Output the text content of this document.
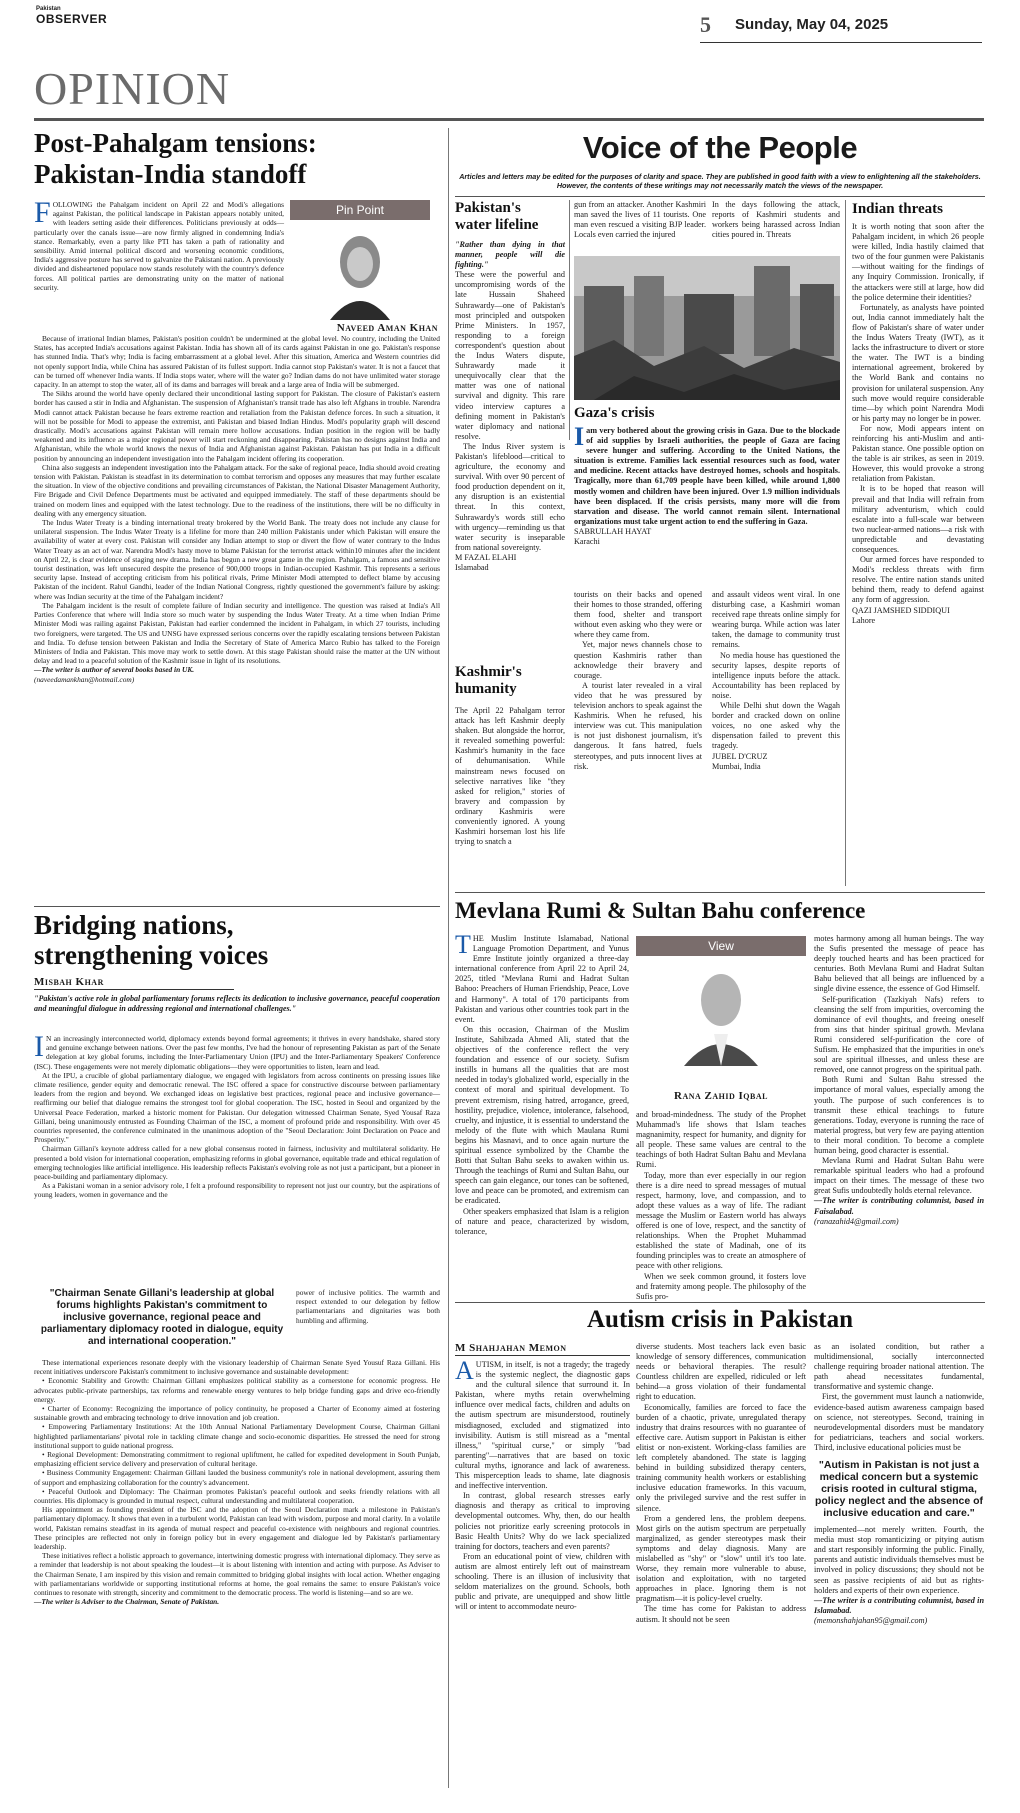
Pakistan
OBSERVER	5	Sunday, May 04, 2025
OPINION
Post-Pahalgam tensions:
Pakistan-India standoff
Pin Point
Naveed Aman Khan
F OLLOWING the Pahalgam incident on April 22 and Modi's allegations against Pakistan, the political landscape in Pakistan appears notably united, with leaders setting aside their differences. Politicians previously at odds—particularly over the canals issue—are now firmly aligned in condemning India's stance. Remarkably, even a party like PTI has taken a path of rationality and sensibility. Amid internal political discord and worsening economic conditions, India's aggressive posture has served to galvanize the Pakistani nation. A previously divided and disheartened populace now stands resolutely with the country's defence forces. All political parties are demonstrating unity on the matter of national security.

Because of irrational Indian blames, Pakistan's position couldn't be undermined at the global level. No country, including the United States, has accepted India's accusations against Pakistan. India has shown all of its cards against Pakistan in one go. Pakistan's response has stunned India. That's why; India is facing embarrassment at a global level. After this situation, America and Western countries did not openly support India, while China has assured Pakistan of its fullest support. India cannot stop Pakistan's water. It is not a faucet that can be turned off whenever India wants. If India stops water, where will the water go? Indian dams do not have unlimited water storage capacity. In an attempt to stop the water, all of its dams and barrages will break and a large area of India will be submerged.

The Sikhs around the world have openly declared their unconditional lasting support for Pakistan. The closure of Pakistan's eastern border has caused a stir in India and Afghanistan. The suspension of Afghanistan's transit trade has also left Afghans in trouble. Narendra Modi cannot attack Pakistan because he fears extreme reaction and retaliation from the Pakistan defence forces. In such a situation, it will not be possible for Modi to appease the extremist, anti Pakistan and biased Indian Hindus. Modi's popularity graph will descend drastically. Modi's accusations against Pakistan will remain mere hollow accusations. Indian position in the region will be badly weakened and its influence as a major regional power will start reckoning and disappearing. Pakistan has no designs against India and Afghanistan, while the whole world knows the nexus of India and Afghanistan against Pakistan. Pakistan has put India in a difficult position by announcing an independent investigation into the Pahalgam incident offering its cooperation.

China also suggests an independent investigation into the Pahalgam attack. For the sake of regional peace, India should avoid creating tension with Pakistan. Pakistan is steadfast in its determination to combat terrorism and opposes any measures that may further escalate the situation. In view of the objective conditions and prevailing circumstances of Pakistan, the National Disaster Management Authority, Fire Brigade and Civil Defence Departments must be activated and equipped immediately. The staff of these departments should be trained on modern lines and equipped with the latest technology. Due to the readiness of the institutions, there will be no difficulty in dealing with any emergency situation.

The Indus Water Treaty is a binding international treaty brokered by the World Bank. The treaty does not include any clause for unilateral suspension. The Indus Water Treaty is a lifeline for more than 240 million Pakistanis under which Pakistan will ensure the availability of water at every cost. Pakistan will consider any Indian attempt to stop or divert the flow of water contrary to the Indus Water Treaty as an act of war. Narendra Modi's hasty move to blame Pakistan for the terrorist attack within10 minutes after the incident on April 22, is clear evidence of staging new drama. India has begun a new great game in the region. Pahalgam, a famous and sensitive tourist destination, was left unsecured despite the presence of 900,000 troops in Indian-occupied Kashmir. This represents a serious security lapse. Instead of accepting criticism from his political rivals, Prime Minister Modi attempted to deflect blame by accusing Pakistan of the incident. Rahul Gandhi, leader of the Indian National Congress, rightly questioned the government's failure by asking: where was Indian security at the time of the Pahalgam incident?

The Pahalgam incident is the result of complete failure of Indian security and intelligence. The question was raised at India's All Parties Conference that where will India store so much water by suspending the Indus Water Treaty. At a time when Indian Prime Minister Modi was railing against Pakistan, Pakistan had earlier condemned the incident in Pahalgam, in which 27 tourists, including two foreigners, were targeted. The US and UNSG have expressed serious concerns over the rapidly escalating tensions between Pakistan and India. To defuse tension between Pakistan and India the Secretary of State of America Marco Rubio has talked to the Foreign Ministers of India and Pakistan. This move may work to settle down. At this stage Pakistan should raise the matter at the UN without delay and lead to a peaceful solution of the Kashmir issue in light of its resolutions.

—The writer is author of several books based in UK.
(naveedamankhan@hotmail.com)
Bridging nations,
strengthening voices
Misbah Khar
"Pakistan's active role in global parliamentary forums reflects its dedication to inclusive governance, peaceful cooperation and meaningful dialogue in addressing regional and international challenges."
I N an increasingly interconnected world, diplomacy extends beyond formal agreements; it thrives in every handshake, shared story and genuine exchange between nations. Over the past few months, I've had the honour of representing Pakistan as part of the Senate delegation at key global forums, including the Inter-Parliamentary Union (IPU) and the Inter-Parliamentary Speakers' Conference (ISC). These engagements were not merely diplomatic obligations—they were opportunities to listen, learn and lead.

At the IPU, a crucible of global parliamentary dialogue, we engaged with legislators from across continents on pressing issues like climate resilience, gender equity and democratic renewal. The ISC offered a space for constructive discourse between parliamentary leaders from the region and beyond. We exchanged ideas on legislative best practices, regional peace and inclusive governance—reaffirming our belief that dialogue remains the strongest tool for global cooperation. The ISC, hosted in Seoul and organized by the Universal Peace Federation, marked a historic moment for Pakistan. Our delegation witnessed Chairman Senate, Syed Yousaf Raza Gillani, being unanimously entrusted as Founding Chairman of the ISC, a moment of profound pride and responsibility. With over 45 countries represented, the conference culminated in the unanimous adoption of the "Seoul Declaration: Joint Declaration on Peace and Prosperity."

Chairman Gillani's keynote address called for a new global consensus rooted in fairness, inclusivity and multilateral solidarity. He presented a bold vision for international cooperation, emphasizing reforms in global governance, equitable trade and ethical regulation of emerging technologies like artificial intelligence. His leadership reflects Pakistan's evolving role as not just a participant, but a pioneer in peace-building and parliamentary diplomacy.

As a Pakistani woman in a senior advisory role, I felt a profound responsibility to represent not just our country, but the aspirations of young leaders, women in governance and the

"Chairman Senate Gillani's leadership at global forums highlights Pakistan's commitment to inclusive governance, regional peace and parliamentary diplomacy rooted in dialogue, equity and international cooperation."
power of inclusive politics. The warmth and respect extended to our delegation by fellow parliamentarians and dignitaries was both humbling and affirming.

These international experiences resonate deeply with the visionary leadership of Chairman Senate Syed Yousuf Raza Gillani. His recent initiatives underscore Pakistan's commitment to inclusive governance and sustainable development:

• Economic Stability and Growth: Chairman Gillani emphasizes political stability as a cornerstone for economic progress. He advocates public-private partnerships, tax reforms and renewable energy ventures to help bridge funding gaps and drive eco-friendly energy.

• Charter of Economy: Recognizing the importance of policy continuity, he proposed a Charter of Economy aimed at fostering sustainable growth and embracing technology to drive innovation and job creation.

• Empowering Parliamentary Institutions: At the 10th Annual National Parliamentary Development Course, Chairman Gillani highlighted parliamentarians' pivotal role in tackling climate change and socio-economic disparities. He stressed the need for strong institutional support to guide national progress.

• Regional Development: Demonstrating commitment to regional upliftment, he called for expedited development in South Punjab, emphasizing efficient service delivery and preservation of cultural heritage.

• Business Community Engagement: Chairman Gillani lauded the business community's role in national development, assuring them of support and emphasizing collaboration for the country's advancement.

• Peaceful Outlook and Diplomacy: The Chairman promotes Pakistan's peaceful outlook and seeks friendly relations with all countries. His diplomacy is grounded in mutual respect, cultural understanding and multilateral cooperation.

His appointment as founding president of the ISC and the adoption of the Seoul Declaration mark a milestone in Pakistan's parliamentary diplomacy. It shows that even in a turbulent world, Pakistan can lead with wisdom, purpose and moral clarity. In a volatile world, Pakistan remains steadfast in its agenda of mutual respect and peaceful co-existence with neighbours and regional countries. These principles are reflected not only in foreign policy but in every engagement and dialogue led by Pakistan's parliamentary leadership.

These initiatives reflect a holistic approach to governance, intertwining domestic progress with international diplomacy. They serve as a reminder that leadership is not about speaking the loudest—it is about listening with intention and acting with purpose. As Adviser to the Chairman Senate, I am inspired by this vision and remain committed to bridging global insights with local action. Whether engaging with parliamentarians worldwide or supporting institutional reforms at home, the goal remains the same: to ensure Pakistan's voice continues to resonate with strength, sincerity and commitment to the democratic process. The world is listening—and so are we.

—The writer is Adviser to the Chairman, Senate of Pakistan.
Voice of the People
Articles and letters may be edited for the purposes of clarity and space. They are published in good faith with a view to enlightening all the stakeholders. However, the contents of these writings may not necessarily match the views of the newspaper.
Pakistan's
water lifeline
"Rather than dying in that manner, people will die fighting."

These were the powerful and uncompromising words of the late Hussain Shaheed Suhrawardy—one of Pakistan's most principled and outspoken Prime Ministers. In 1957, responding to a foreign correspondent's question about the Indus Waters dispute, Suhrawardy made it unequivocally clear that the matter was one of national survival and dignity. This rare video interview captures a defining moment in Pakistan's water diplomacy and national resolve.

The Indus River system is Pakistan's lifeblood—critical to agriculture, the economy and survival. With over 90 percent of food production dependent on it, any disruption is an existential threat. In this context, Suhrawardy's words still echo with urgency—reminding us that water security is inseparable from national sovereignty.

M FAZAL ELAHI
Islamabad
gun from an attacker. Another Kashmiri man saved the lives of 11 tourists. One man even rescued a visiting BJP leader. Locals even carried the injured
In the days following the attack, reports of Kashmiri students and workers being harassed across Indian cities poured in. Threats
Gaza's crisis
I am very bothered about the growing crisis in Gaza. Due to the blockade of aid supplies by Israeli authorities, the people of Gaza are facing severe hunger and suffering. According to the United Nations, the situation is extreme. Families lack essential resources such as food, water and medicine. Recent attacks have destroyed homes, schools and hospitals. Tragically, more than 61,709 people have been killed, while around 1,800 mostly women and children have been injured. Over 1.9 million individuals have been displaced. If the crisis persists, many more will die from starvation and disease. The world cannot remain silent. International organizations must take urgent action to end the suffering in Gaza.
SABRULLAH HAYAT
Karachi
Kashmir's
humanity

The April 22 Pahalgam terror attack has left Kashmir deeply shaken. But alongside the horror, it revealed something powerful: Kashmir's humanity in the face of dehumanisation. While mainstream news focused on selective narratives like "they asked for religion," stories of bravery and compassion by ordinary Kashmiris were conveniently ignored. A young Kashmiri horseman lost his life trying to snatch a

tourists on their backs and opened their homes to those stranded, offering them food, shelter and transport without even asking who they were or where they came from.

Yet, major news channels chose to question Kashmiris rather than acknowledge their bravery and courage.

A tourist later revealed in a viral video that he was pressured by television anchors to speak against the Kashmiris. When he refused, his interview was cut. This manipulation is not just dishonest journalism, it's dangerous. It fans hatred, fuels stereotypes, and puts innocent lives at risk.

and assault videos went viral. In one disturbing case, a Kashmiri woman received rape threats online simply for wearing burqa. While action was later taken, the damage to community trust remains.

No media house has questioned the security lapses, despite reports of intelligence inputs before the attack. Accountability has been replaced by noise.

While Delhi shut down the Wagah border and cracked down on online voices, no one asked why the dispensation failed to prevent this tragedy.

JUBEL D'CRUZ
Mumbai, India
Indian threats

It is worth noting that soon after the Pahalgam incident, in which 26 people were killed, India hastily claimed that two of the four gunmen were Pakistanis—without waiting for the findings of any Inquiry Commission. Ironically, if the attackers were still at large, how did the police determine their identities?

Fortunately, as analysts have pointed out, India cannot immediately halt the flow of Pakistan's share of water under the Indus Waters Treaty (IWT), as it lacks the infrastructure to divert or store the water. The IWT is a binding international agreement, brokered by the World Bank and contains no provision for unilateral suspension. Any such move would require considerable time—by which point Narendra Modi or his party may no longer be in power.

For now, Modi appears intent on reinforcing his anti-Muslim and anti-Pakistan stance. One possible option on the table is air strikes, as seen in 2019. However, this would provoke a strong retaliation from Pakistan.

It is to be hoped that reason will prevail and that India will refrain from military adventurism, which could escalate into a full-scale war between two nuclear-armed nations—a risk with unpredictable and devastating consequences.

Our armed forces have responded to Modi's reckless threats with firm resolve. The entire nation stands united behind them, ready to defend against any form of aggression.

QAZI JAMSHED SIDDIQUI
Lahore
Mevlana Rumi & Sultan Bahu conference
T HE Muslim Institute Islamabad, National Language Promotion Department, and Yunus Emre Institute jointly organized a three-day international conference from April 22 to April 24, 2025, titled "Mevlana Rumi and Hadrat Sultan Bahoo: Preachers of Human Friendship, Peace, Love and Harmony". A total of 170 participants from Pakistan and various other countries took part in the event.

On this occasion, Chairman of the Muslim Institute, Sahibzada Ahmed Ali, stated that the objectives of the conference reflect the very foundation and essence of our society. Sufism instills in humans all the qualities that are most needed in today's globalized world, especially in the context of moral and spiritual development. To prevent extremism, rising hatred, arrogance, greed, hostility, prejudice, violence, intolerance, falsehood, cruelty, and injustice, it is essential to understand the melody of the flute with which Maulana Rumi begins his Masnavi, and to once again nurture the spiritual essence symbolized by the Chambe the Botti that Sultan Bahu seeks to awaken within us. Through the teachings of Rumi and Sultan Bahu, our speech can gain elegance, our tones can be softened, love and peace can be promoted, and extremism can be eradicated.

Other speakers emphasized that Islam is a religion of nature and peace, characterized by wisdom, tolerance,

View
Rana Zahid Iqbal

and broad-mindedness. The study of the Prophet Muhammad's life shows that Islam teaches magnanimity, respect for humanity, and dignity for all people. These same values are central to the teachings of both Hadrat Sultan Bahu and Mevlana Rumi.

Today, more than ever especially in our region there is a dire need to spread messages of mutual respect, harmony, love, and compassion, and to adopt these values as a way of life. The radiant message the Muslim or Eastern world has always offered is one of love, respect, and the sanctity of relationships. When the Prophet Muhammad established the state of Madinah, one of its founding principles was to create an atmosphere of peace with other religions.

When we seek common ground, it fosters love and fraternity among people. The philosophy of the Sufis pro-

motes harmony among all human beings. The way the Sufis presented the message of peace has deeply touched hearts and has been practiced for centuries. Both Mevlana Rumi and Hadrat Sultan Bahu believed that all beings are influenced by a single divine essence, the essence of God Himself.

Self-purification (Tazkiyah Nafs) refers to cleansing the self from impurities, overcoming the dominance of evil thoughts, and freeing oneself from sins that hinder spiritual growth. Mevlana Rumi considered self-purification the core of Sufism. He emphasized that the impurities in one's soul are spiritual illnesses, and unless these are removed, one cannot progress on the spiritual path.

Both Rumi and Sultan Bahu stressed the importance of moral values, especially among the youth. The purpose of such conferences is to transmit these ethical teachings to future generations. Today, everyone is running the race of material progress, but very few are paying attention to their moral condition. To become a complete human being, good character is essential.

Mevlana Rumi and Hadrat Sultan Bahu were remarkable spiritual leaders who had a profound impact on their times. The message of these two great Sufis undoubtedly holds eternal relevance.

—The writer is contributing columnist, based in Faisalabad.
(ranazahid4@gmail.com)
Autism crisis in Pakistan
M Shahjahan Memon
A UTISM, in itself, is not a tragedy; the tragedy is the systemic neglect, the diagnostic gaps and the cultural silence that surround it. In Pakistan, where myths retain overwhelming influence over medical facts, children and adults on the autism spectrum are misunderstood, routinely misdiagnosed, excluded and stigmatized into invisibility. Autism is still misread as a "mental illness," "spiritual curse," or simply "bad parenting"—narratives that are based on toxic cultural myths, ignorance and lack of awareness. This misperception leads to shame, late diagnosis and ineffective intervention.

In contrast, global research stresses early diagnosis and therapy as critical to improving developmental outcomes. Why, then, do our health policies not prioritize early screening protocols in Basic Health Units? Why do we lack specialized training for doctors, teachers and even parents?

From an educational point of view, children with autism are almost entirely left out of mainstream schooling. There is an illusion of inclusivity that seldom materializes on the ground. Schools, both public and private, are unequipped and show little will or intent to accommodate neuro-

diverse students. Most teachers lack even basic knowledge of sensory differences, communication needs or behavioral therapies. The result? Countless children are expelled, ridiculed or left behind—a gross violation of their fundamental right to education.

Economically, families are forced to face the burden of a chaotic, private, unregulated therapy industry that drains resources with no guarantee of effective care. Autism support in Pakistan is either elitist or non-existent. Working-class families are left completely abandoned. The state is lagging behind in building subsidized therapy centers, training community health workers or establishing inclusive education frameworks. In this vacuum, only the privileged survive and the rest suffer in silence.

From a gendered lens, the problem deepens. Most girls on the autism spectrum are perpetually marginalized, as gender stereotypes mask their symptoms and delay diagnosis. Many are mislabelled as "shy" or "slow" until it's too late. Worse, they remain more vulnerable to abuse, isolation and exploitation, with no targeted approaches in place. Ignoring them is not pragmatism—it is policy-level cruelty.

The time has come for Pakistan to address autism. It should not be seen

as an isolated condition, but rather a multidimensional, socially interconnected challenge requiring broader national attention. The path ahead necessitates fundamental, transformative and systemic change.

First, the government must launch a nationwide, evidence-based autism awareness campaign based on science, not stereotypes. Second, training in neurodevelopmental disorders must be mandatory for pediatricians, teachers and social workers. Third, inclusive educational policies must be

"Autism in Pakistan is not just a medical concern but a systemic crisis rooted in cultural stigma, policy neglect and the absence of inclusive education and care."

implemented—not merely written. Fourth, the media must stop romanticizing or pitying autism and start responsibly informing the public. Finally, parents and autistic individuals themselves must be involved in policy discussions; they should not be seen as passive recipients of aid but as rights-holders and experts of their own experience.

—The writer is a contributing columnist, based in Islamabad.
(memonshahjahan95@gmail.com)
